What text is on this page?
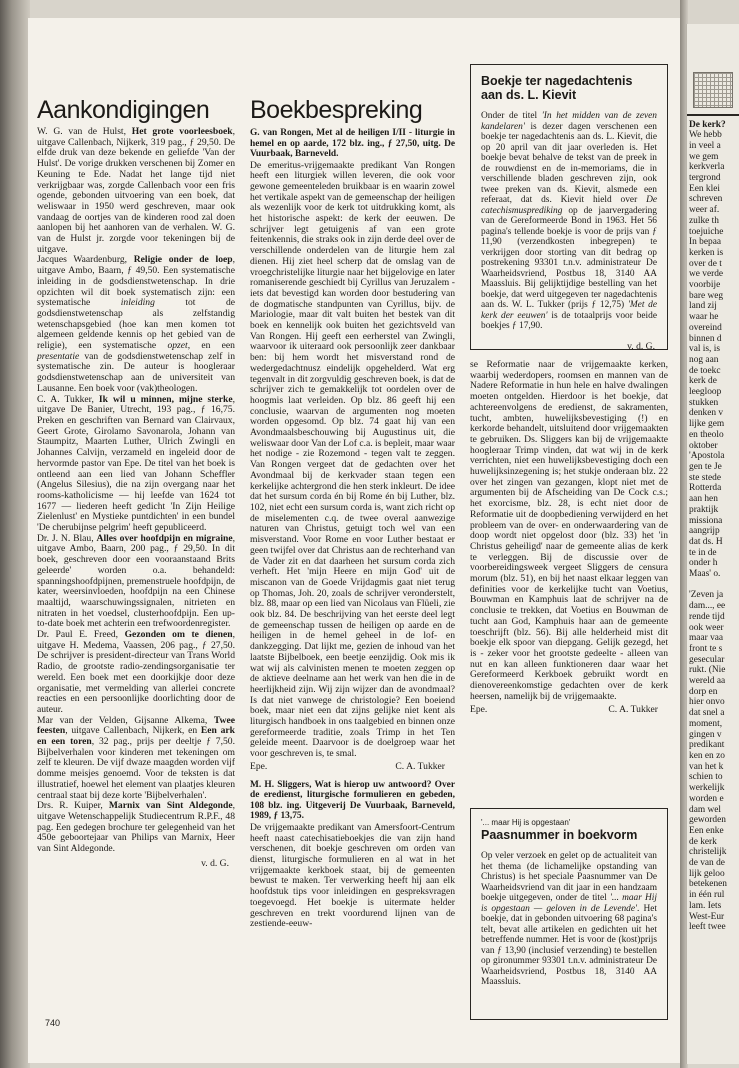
Aankondigingen

W. G. van de Hulst, Het grote voorleesboek, uitgave Callenbach, Nijkerk, 319 pag., ƒ 29,50. De elfde druk van deze bekende en geliefde 'Van der Hulst'. De vorige drukken verschenen bij Zomer en Keuning te Ede. Nadat het lange tijd niet verkrijgbaar was, zorgde Callenbach voor een fris ogende, gebonden uitvoering van een boek, dat weliswaar in 1950 werd geschreven, maar ook vandaag de oortjes van de kinderen rood zal doen aanlopen bij het aanhoren van de verhalen. W. G. van de Hulst jr. zorgde voor tekeningen bij de uitgave.

Jacques Waardenburg, Religie onder de loep, uitgave Ambo, Baarn, ƒ 49,50. Een systematische inleiding in de godsdienstwetenschap. In drie opzichten wil dit boek systematisch zijn: een systematische inleiding tot de godsdienstwetenschap als zelfstandig wetenschapsgebied (hoe kan men komen tot algemeen geldende kennis op het gebied van de religie), een systematische opzet, en een presentatie van de godsdienstwetenschap zelf in systematische zin. De auteur is hoogleraar godsdienstwetenschap aan de universiteit van Lausanne. Een boek voor (vak)theologen.

C. A. Tukker, Ik wil u minnen, mijne sterke, uitgave De Banier, Utrecht, 193 pag., ƒ 16,75. Preken en geschriften van Bernard van Clairvaux, Geert Grote, Girolamo Savonarola, Johann van Staumpitz, Maarten Luther, Ulrich Zwingli en Johannes Calvijn, verzameld en ingeleid door de hervormde pastor van Epe. De titel van het boek is ontleend aan een lied van Johann Scheffler (Angelus Silesius), die na zijn overgang naar het rooms-katholicisme — hij leefde van 1624 tot 1677 — liederen heeft gedicht 'In Zijn Heilige Zielenlust' en Mystieke puntdichten' in een bundel 'De cherubijnse pelgrim' heeft gepubliceerd.

Dr. J. N. Blau, Alles over hoofdpijn en migraine, uitgave Ambo, Baarn, 200 pag., ƒ 29,50. In dit boek, geschreven door een vooraanstaand Brits geleerde' worden o.a. behandeld: spanningshoofdpijnen, premenstruele hoofdpijn, de kater, weersinvloeden, hoofdpijn na een Chinese maaltijd, waarschuwingssignalen, nitrieten en nitraten in het voedsel, clusterhoofdpijn. Een up-to-date boek met achterin een trefwoordenregister.

Dr. Paul E. Freed, Gezonden om te dienen, uitgave H. Medema, Vaassen, 206 pag., ƒ 27,50. De schrijver is president-directeur van Trans World Radio, de grootste radio-zendingsorganisatie ter wereld. Een boek met een doorkijkje door deze organisatie, met vermelding van allerlei concrete reacties en een persoonlijke doorlichting door de auteur.

Mar van der Velden, Gijsanne Alkema, Twee feesten, uitgave Callenbach, Nijkerk, en Een ark en een toren, 32 pag., prijs per deeltje ƒ 7,50. Bijbelverhalen voor kinderen met tekeningen om zelf te kleuren. De vijf dwaze maagden worden vijf domme meisjes genoemd. Voor de teksten is dat illustratief, hoewel het element van plaatjes kleuren centraal staat bij deze korte 'Bijbelverhalen'.

Drs. R. Kuiper, Marnix van Sint Aldegonde, uitgave Wetenschappelijk Studiecentrum R.P.F., 48 pag. Een gedegen brochure ter gelegenheid van het 450e geboortejaar van Philips van Marnix, Heer van Sint Aldegonde.

v. d. G.

Boekbespreking

G. van Rongen, Met al de heiligen I/II - liturgie in hemel en op aarde, 172 blz. ing., ƒ 27,50, uitg. De Vuurbaak, Barneveld.

De emeritus-vrijgemaakte predikant Van Rongen heeft een liturgiek willen leveren, die ook voor gewone gemeenteleden bruikbaar is en waarin zowel het vertikale aspekt van de gemeenschap der heiligen als wezenlijk voor de kerk tot uitdrukking komt, als het historische aspekt: de kerk der eeuwen. De schrijver legt getuigenis af van een grote feitenkennis, die straks ook in zijn derde deel over de verschillende onderdelen van de liturgie hem zal dienen. Hij ziet heel scherp dat de omslag van de vroegchristelijke liturgie naar het bijgelovige en later romaniserende geschiedt bij Cyrillus van Jeruzalem - iets dat bevestigd kan worden door bestudering van de dogmatische standpunten van Cyrillus, bijv. de Mariologie, maar dit valt buiten het bestek van dit boek en kennelijk ook buiten het gezichtsveld van Van Rongen. Hij geeft een eerherstel van Zwingli, waarvoor ik uiteraard ook persoonlijk zeer dankbaar ben: bij hem wordt het misverstand rond de wedergedachtnusz eindelijk opgehelderd. Wat erg tegenvalt in dit zorgvuldig geschreven boek, is dat de schrijver zich te gemakkelijk tot oordelen over de hoogmis laat verleiden. Op blz. 86 geeft hij een conclusie, waarvan de argumenten nog moeten worden opgesomd. Op blz. 74 gaat hij van een Avondmaalsbeschouwing bij Augustinus uit, die weliswaar door Van der Lof c.a. is bepleit, maar waar het nodige - zie Rozemond - tegen valt te zeggen. Van Rongen vergeet dat de gedachten over het Avondmaal bij de kerkvader staan tegen een kerkelijke achtergrond die hen sterk inkleurt. De idee dat het sursum corda én bij Rome én bij Luther, blz. 102, niet echt een sursum corda is, want zich richt op de miselementen c.q. de twee overal aanwezige naturen van Christus, getuigt toch wel van een misverstand. Voor Rome en voor Luther bestaat er geen twijfel over dat Christus aan de rechterhand van de Vader zit en dat daarheen het sursum corda zich verheft. Het 'mijn Heere en mijn God' uit de miscanon van de Goede Vrijdagmis gaat niet terug op Thomas, Joh. 20, zoals de schrijver veronderstelt, blz. 88, maar op een lied van Nicolaus van Flüeli, zie ook blz. 84. De beschrijving van het eerste deel legt de gemeenschap tussen de heiligen op aarde en de heiligen in de hemel geheel in de lof- en dankzegging. Dat lijkt me, gezien de inhoud van het laatste Bijbelboek, een beetje eenzijdig. Ook mis ik wat wij als calvinisten menen te moeten zeggen op de aktieve deelname aan het werk van hen die in de heerlijkheid zijn. Wij zijn wijzer dan de avondmaal? Is dat niet vanwege de christologie? Een boeiend boek, maar niet een dat zijns gelijke niet kent als liturgisch handboek in ons taalgebied en binnen onze gereformeerde traditie, zoals Trimp in het Ten geleide meent. Daarvoor is de doelgroep waar het voor geschreven is, te smal.

Epe.	C. A. Tukker

M. H. Sliggers, Wat is hierop uw antwoord? Over de eredienst, liturgische formulieren en gebeden, 108 blz. ing. Uitgeverij De Vuurbaak, Barneveld, 1989, ƒ 13,75.

De vrijgemaakte predikant van Amersfoort-Centrum heeft naast catechisatieboekjes die van zijn hand verschenen, dit boekje geschreven om orden van dienst, liturgische formulieren en al wat in het vrijgemaakte kerkboek staat, bij de gemeenten bewust te maken. Ter verwerking heeft hij aan elk hoofdstuk tips voor inleidingen en gespreksvragen toegevoegd. Het boekje is uitermate helder geschreven en trekt voordurend lijnen van de zestiende-eeuw-

Boekje ter nagedachtenis aan ds. L. Kievit

Onder de titel 'In het midden van de zeven kandelaren' is dezer dagen verschenen een boekje ter nagedachtenis aan ds. L. Kievit, die op 20 april van dit jaar overleden is. Het boekje bevat behalve de tekst van de preek in de rouwdienst en de in-memoriams, die in verschillende bladen geschreven zijn, ook twee preken van ds. Kievit, alsmede een referaat, dat ds. Kievit hield over De catechismusprediking op de jaarvergadering van de Gereformeerde Bond in 1963. Het 56 pagina's tellende boekje is voor de prijs van ƒ 11,90 (verzendkosten inbegrepen) te verkrijgen door storting van dit bedrag op postrekening 93301 t.n.v. administrateur De Waarheidsvriend, Postbus 18, 3140 AA Maassluis. Bij gelijktijdige bestelling van het boekje, dat werd uitgegeven ter nagedachtenis aan ds. W. L. Tukker (prijs ƒ 12,75) 'Met de kerk der eeuwen' is de totaalprijs voor beide boekjes ƒ 17,90.

v. d. G.

se Reformatie naar de vrijgemaakte kerken, waarbij wederdopers, roomsen en mannen van de Nadere Reformatie in hun hele en halve dwalingen moeten ontgelden. Hierdoor is het boekje, dat achtereenvolgens de eredienst, de sakramenten, tucht, ambten, huwelijksbevestiging (!) en kerkorde behandelt, uitsluitend door vrijgemaakten te gebruiken. Ds. Sliggers kan bij de vrijgemaakte hoogleraar Trimp vinden, dat wat wij in de kerk verrichten, niet een huwelijksbevestiging doch een huwelijksinzegening is; het stukje onderaan blz. 22 over het zingen van gezangen, klopt niet met de argumenten bij de Afscheiding van De Cock c.s.; het exorcisme, blz. 28, is echt niet door de Reformatie uit de doopbediening verwijderd en het probleem van de over- en onderwaardering van de doop wordt niet opgelost door (blz. 33) het 'in Christus geheiligd' naar de gemeente alias de kerk te verleggen. Bij de discussie over de voorbereidingsweek vergeet Sliggers de censura morum (blz. 51), en bij het naast elkaar leggen van definities voor de kerkelijke tucht van Voetius, Bouwman en Kamphuis laat de schrijver na de conclusie te trekken, dat Voetius en Bouwman de tucht aan God, Kamphuis haar aan de gemeente toeschrijft (blz. 56). Bij alle helderheid mist dit boekje elk spoor van diepgang. Gelijk gezegd, het is - zeker voor het grootste gedeelte - alleen van nut en kan alleen funktioneren daar waar het Gereformeerd Kerkboek gebruikt wordt en dienovereenkomstige gedachten over de kerk heersen, namelijk bij de vrijgemaakte.

Epe.	C. A. Tukker

'... maar Hij is opgestaan'

Paasnummer in boekvorm

Op veler verzoek en gelet op de actualiteit van het thema (de lichamelijke opstanding van Christus) is het speciale Paasnummer van De Waarheidsvriend van dit jaar in een handzaam boekje uitgegeven, onder de titel '... maar Hij is opgestaan — geloven in de Levende'. Het boekje, dat in gebonden uitvoering 68 pagina's telt, bevat alle artikelen en gedichten uit het betreffende nummer. Het is voor de (kost)prijs van ƒ 13,90 (inclusief verzending) te bestellen op gironummer 93301 t.n.v. administrateur De Waarheidsvriend, Postbus 18, 3140 AA Maassluis.

740
De kerk?
We hebb
in veel a
we gem
kerkverla
tergrond
Een klei
schreven
weer af.
zulke th
toejuiche
In bepaa
kerken is
over de t
we verde
voorbije
bare weg
land zij
waar he
overeind
binnen d
val is, is
nog aan
de toekc
kerk de
leegloop
stukken
denken v
lijke gem
en theolo
oktober
'Apostola
gen te Je
ste stede
Rotterda
aan hen
praktijk
missiona
aangrijp
dat ds. H
te in de
onder h
Maas' o.

'Zeven ja
dam..., ee
rende tijd
ook weer
maar vaa
front te s
gesecular
rukt. (Nie
wereld aa
dorp en
hier onvo
dat snel a
moment,
gingen v
predikant
ken en zo
van het k
schien to
werkelijk
worden e
dam wel
geworden
Een enke
de kerk
christelijk
de van de
lijk geloo
betekenen
in één rul
lam. Iets
West-Eur
leeft twee
